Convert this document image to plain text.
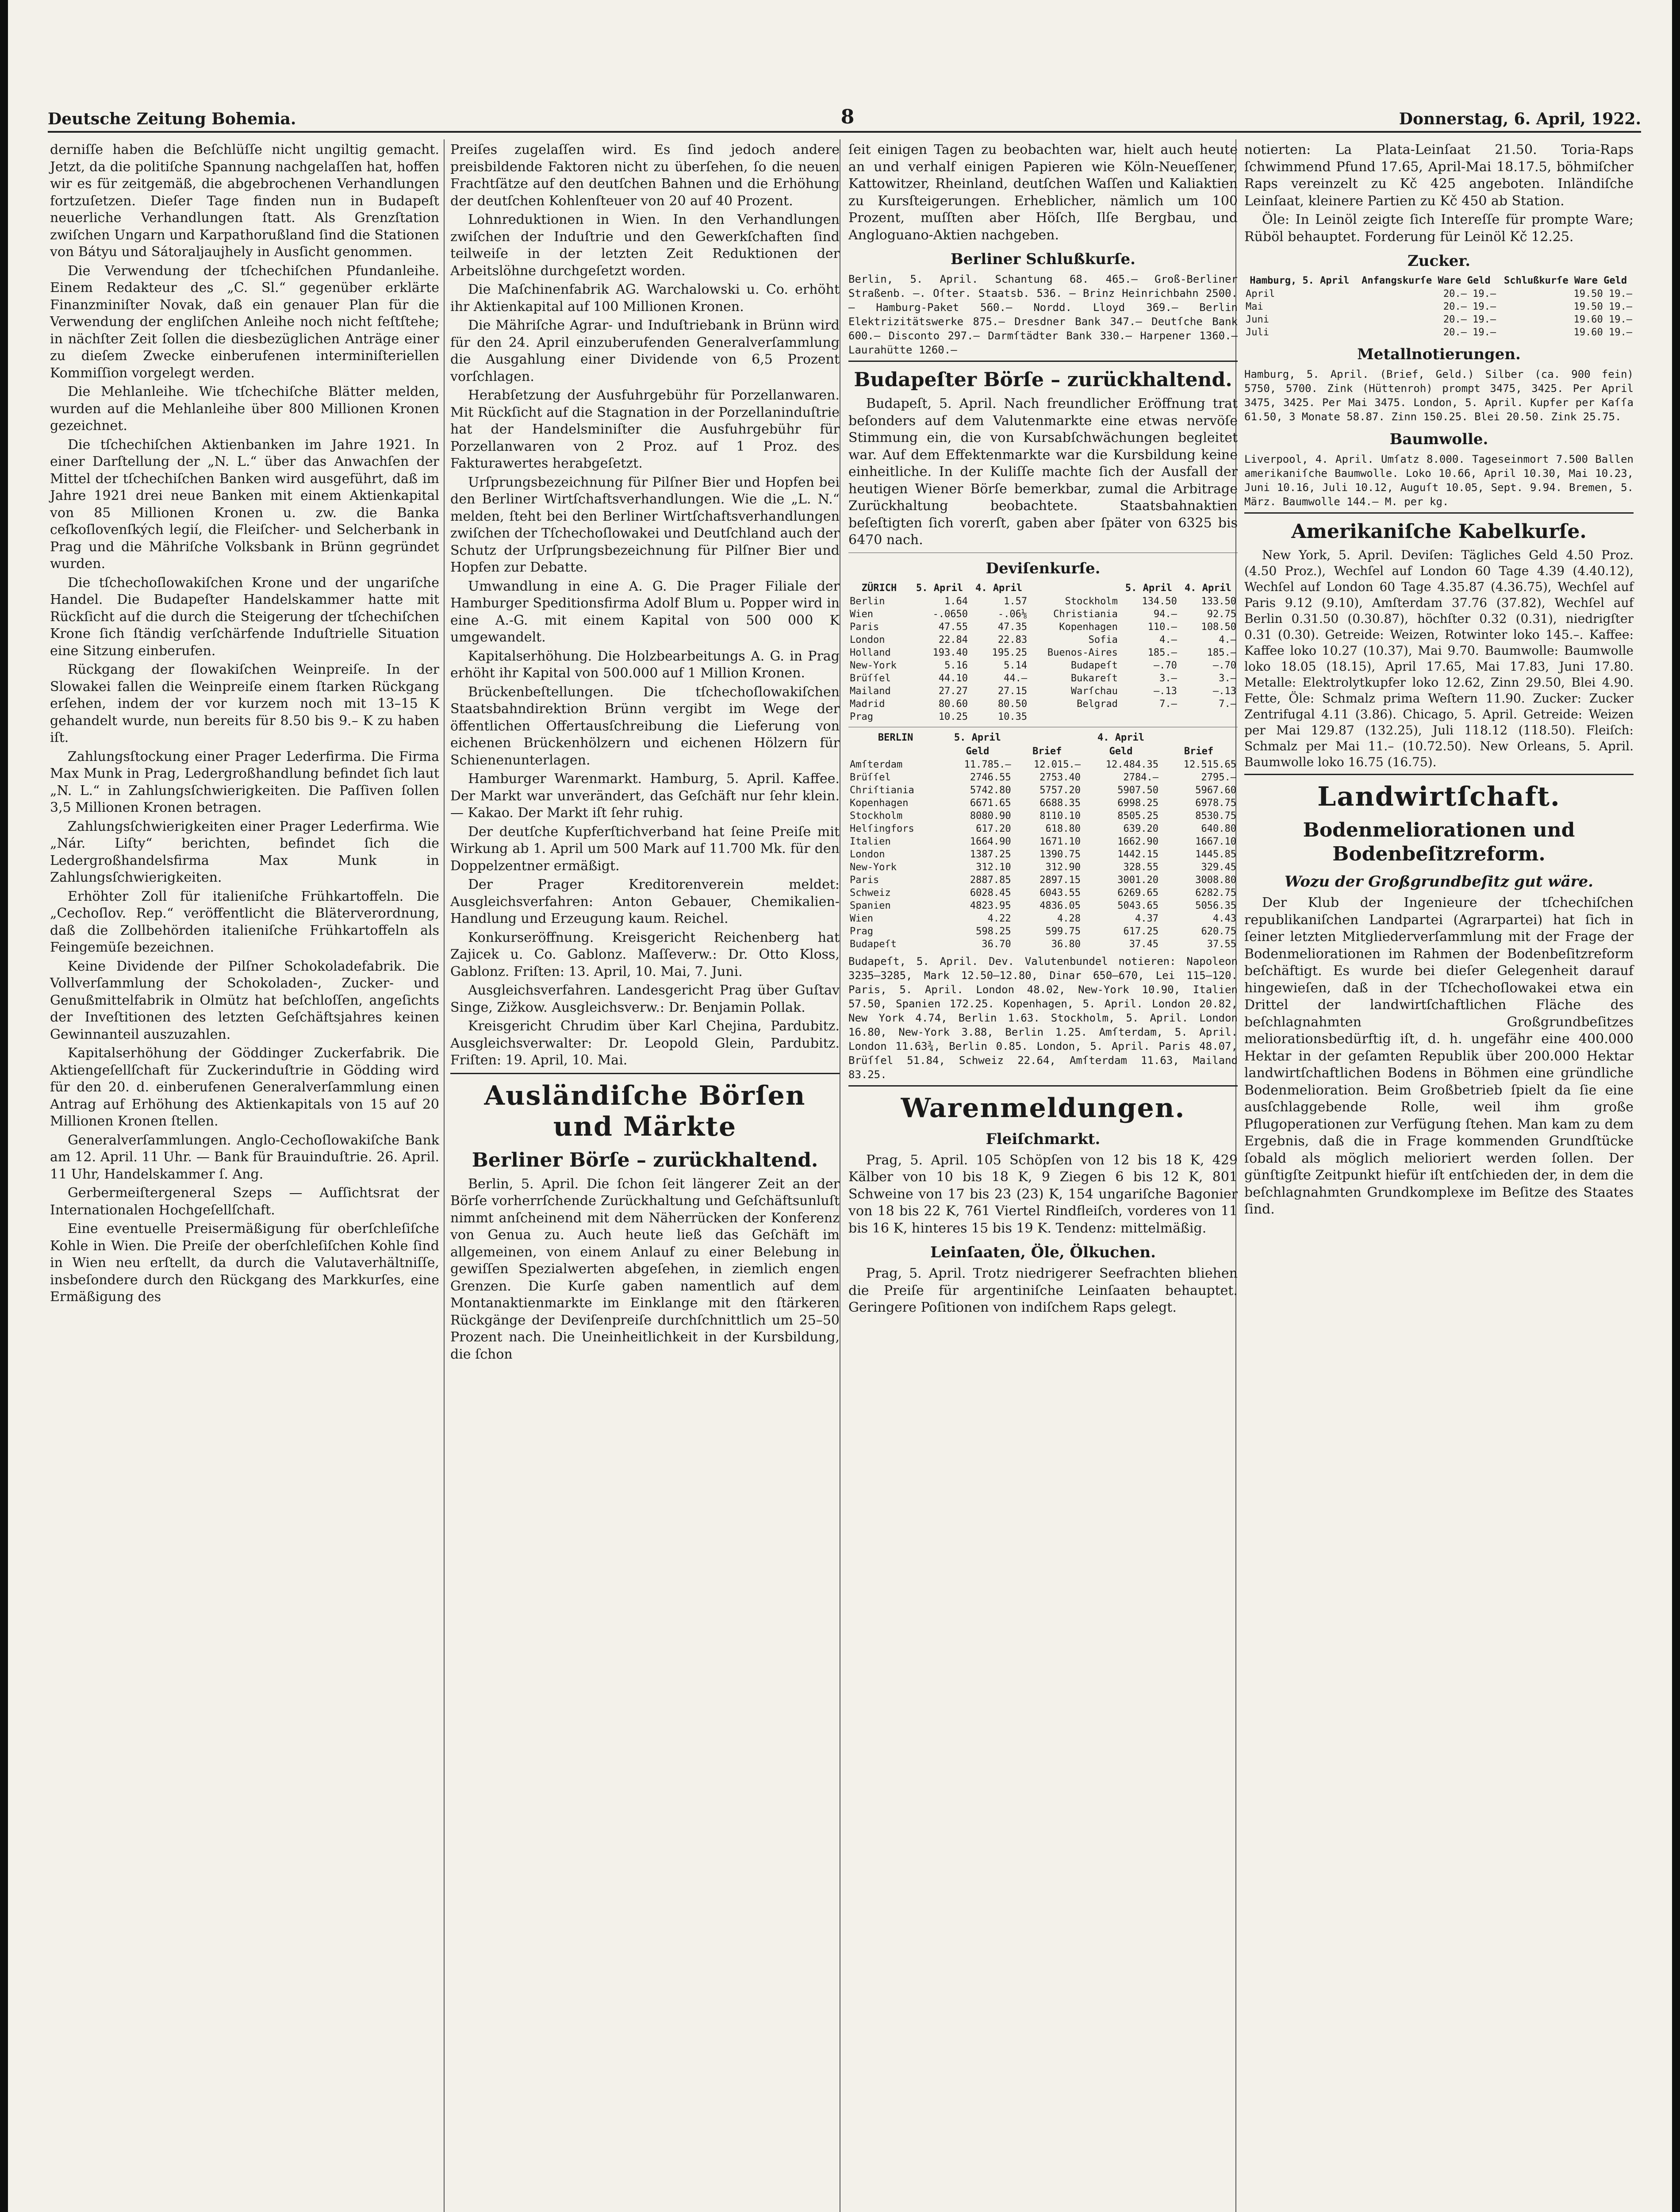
Deutsche Zeitung Bohemia.	8	Donnerstag, 6. April, 1922.

derniſſe haben die Beſchlüſſe nicht ungiltig gemacht. Jetzt, da die politiſche Spannung nachgelaſſen hat, hoffen wir es für zeitgemäß, die abgebrochenen Verhandlungen fortzuſetzen. Dieſer Tage finden nun in Budapeſt neuerliche Verhandlungen ſtatt. Als Grenzſtation zwiſchen Ungarn und Karpathorußland ſind die Stationen von Bátyu und Sátoraljaujhely in Ausſicht genommen.

Die Verwendung der tſchechiſchen Pfundanleihe. Einem Redakteur des „C. Sl.“ gegenüber erklärte Finanzminiſter Novak, daß ein genauer Plan für die Verwendung der engliſchen Anleihe noch nicht feſtſtehe; in nächſter Zeit ſollen die diesbezüglichen Anträge einer zu dieſem Zwecke einberufenen interminiſteriellen Kommiſſion vorgelegt werden.

Die Mehlanleihe. Wie tſchechiſche Blätter melden, wurden auf die Mehlanleihe über 800 Millionen Kronen gezeichnet.

Die tſchechiſchen Aktienbanken im Jahre 1921. In einer Darſtellung der „N. L.“ über das Anwachſen der Mittel der tſchechiſchen Banken wird ausgeführt, daß im Jahre 1921 drei neue Banken mit einem Aktienkapital von 85 Millionen Kronen u. zw. die Banka ceſkoſlovenſkých legií, die Fleiſcher- und Selcherbank in Prag und die Mähriſche Volksbank in Brünn gegründet wurden.

Die tſchechoſlowakiſchen Krone und der ungariſche Handel. Die Budapeſter Handelskammer hatte mit Rückſicht auf die durch die Steigerung der tſchechiſchen Krone ſich ſtändig verſchärfende Induſtrielle Situation eine Sitzung einberufen.

Rückgang der ſlowakiſchen Weinpreiſe. In der Slowakei fallen die Weinpreiſe einem ſtarken Rückgang erſehen, indem der vor kurzem noch mit 13–15 K gehandelt wurde, nun bereits für 8.50 bis 9.– K zu haben iſt.

Zahlungsſtockung einer Prager Lederfirma. Die Firma Max Munk in Prag, Ledergroßhandlung befindet ſich laut „N. L.“ in Zahlungsſchwierigkeiten. Die Paſſiven ſollen 3,5 Millionen Kronen betragen.

Zahlungsſchwierigkeiten einer Prager Lederfirma. Wie „Nár. Liſty“ berichten, befindet ſich die Ledergroßhandelsfirma Max Munk in Zahlungsſchwierigkeiten.

Erhöhter Zoll für italieniſche Frühkartoffeln. Die „Cechoſlov. Rep.“ veröffentlicht die Bläterverordnung, daß die Zollbehörden italieniſche Frühkartoffeln als Feingemüſe bezeichnen.

Keine Dividende der Pilſner Schokoladefabrik. Die Vollverſammlung der Schokoladen-, Zucker- und Genußmittelfabrik in Olmütz hat beſchloſſen, angeſichts der Inveſtitionen des letzten Geſchäftsjahres keinen Gewinnanteil auszuzahlen.

Kapitalserhöhung der Göddinger Zuckerfabrik. Die Aktiengeſellſchaft für Zuckerinduſtrie in Gödding wird für den 20. d. einberufenen Generalverſammlung einen Antrag auf Erhöhung des Aktienkapitals von 15 auf 20 Millionen Kronen ſtellen.

Generalverſammlungen. Anglo-Cechoſlowakiſche Bank am 12. April. 11 Uhr. — Bank für Brauinduſtrie. 26. April. 11 Uhr, Handelskammer ſ. Ang.

Gerbermeiſtergeneral Szeps — Aufſichtsrat der Internationalen Hochgeſellſchaft.

Eine eventuelle Preisermäßigung für oberſchleſiſche Kohle in Wien. Die Preiſe der oberſchleſiſchen Kohle ſind in Wien neu erſtellt, da durch die Valutaverhältniſſe, insbeſondere durch den Rückgang des Markkurſes, eine Ermäßigung des

Preiſes zugelaſſen wird. Es ſind jedoch andere preisbildende Faktoren nicht zu überſehen, ſo die neuen Frachtſätze auf den deutſchen Bahnen und die Erhöhung der deutſchen Kohlenſteuer von 20 auf 40 Prozent.

Lohnreduktionen in Wien. In den Verhandlungen zwiſchen der Induſtrie und den Gewerkſchaften ſind teilweiſe in der letzten Zeit Reduktionen der Arbeitslöhne durchgeſetzt worden.

Die Maſchinenfabrik AG. Warchalowski u. Co. erhöht ihr Aktienkapital auf 100 Millionen Kronen.

Die Mähriſche Agrar- und Induſtriebank in Brünn wird für den 24. April einzuberufenden Generalverſammlung die Ausgahlung einer Dividende von 6,5 Prozent vorſchlagen.

Herabſetzung der Ausfuhrgebühr für Porzellanwaren. Mit Rückſicht auf die Stagnation in der Porzellaninduſtrie hat der Handelsminiſter die Ausfuhrgebühr für Porzellanwaren von 2 Proz. auf 1 Proz. des Fakturawertes herabgeſetzt.

Urſprungsbezeichnung für Pilſner Bier und Hopfen bei den Berliner Wirtſchaftsverhandlungen. Wie die „L. N.“ melden, ſteht bei den Berliner Wirtſchaftsverhandlungen zwiſchen der Tſchechoſlowakei und Deutſchland auch der Schutz der Urſprungsbezeichnung für Pilſner Bier und Hopfen zur Debatte.

Umwandlung in eine A. G. Die Prager Filiale der Hamburger Speditionsfirma Adolf Blum u. Popper wird in eine A.-G. mit einem Kapital von 500 000 K umgewandelt.

Kapitalserhöhung. Die Holzbearbeitungs A. G. in Prag erhöht ihr Kapital von 500.000 auf 1 Million Kronen.

Brückenbeſtellungen. Die tſchechoſlowakiſchen Staatsbahndirektion Brünn vergibt im Wege der öffentlichen Offertausſchreibung die Lieferung von eichenen Brückenhölzern und eichenen Hölzern für Schienenunterlagen.

Hamburger Warenmarkt. Hamburg, 5. April. Kaffee. Der Markt war unverändert, das Geſchäft nur ſehr klein. — Kakao. Der Markt iſt ſehr ruhig.

Der deutſche Kupferſtichverband hat ſeine Preiſe mit Wirkung ab 1. April um 500 Mark auf 11.700 Mk. für den Doppelzentner ermäßigt.

Der Prager Kreditorenverein meldet: Ausgleichsverfahren: Anton Gebauer, Chemikalien-Handlung und Erzeugung kaum. Reichel.

Konkurseröffnung. Kreisgericht Reichenberg hat Zajicek u. Co. Gablonz. Maſſeverw.: Dr. Otto Kloss, Gablonz. Friſten: 13. April, 10. Mai, 7. Juni.

Ausgleichsverfahren. Landesgericht Prag über Guſtav Singe, Zižkow. Ausgleichsverw.: Dr. Benjamin Pollak.

Kreisgericht Chrudim über Karl Chejina, Pardubitz. Ausgleichsverwalter: Dr. Leopold Glein, Pardubitz. Friſten: 19. April, 10. Mai.

Ausländiſche Börſen und Märkte
Berliner Börſe – zurückhaltend.

Berlin, 5. April. Die ſchon ſeit längerer Zeit an der Börſe vorherrſchende Zurückhaltung und Geſchäftsunluſt nimmt anſcheinend mit dem Näherrücken der Konferenz von Genua zu. Auch heute ließ das Geſchäft im allgemeinen, von einem Anlauf zu einer Belebung in gewiſſen Spezialwerten abgeſehen, in ziemlich engen Grenzen. Die Kurſe gaben namentlich auf dem Montanaktienmarkte im Einklange mit den ſtärkeren Rückgänge der Deviſenpreiſe durchſchnittlich um 25–50 Prozent nach. Die Uneinheitlichkeit in der Kursbildung, die ſchon

ſeit einigen Tagen zu beobachten war, hielt auch heute an und verhalf einigen Papieren wie Köln-Neueſſener, Kattowitzer, Rheinland, deutſchen Waſſen und Kaliaktien zu Kursſteigerungen. Erheblicher, nämlich um 100 Prozent, muſſten aber Höſch, Ilſe Bergbau, und Angloguano-Aktien nachgeben.

Berliner Schlußkurſe.

Berlin, 5. April. Schantung 68. 465.— Groß-Berliner Straßenb. —. Oſter. Staatsb. 536. — Brinz Heinrichbahn 2500.— Hamburg-Paket 560.— Nordd. Lloyd 369.— Berlin Elektrizitätswerke 875.— Dresdner Bank 347.— Deutſche Bank 600.— Disconto 297.— Darmſtädter Bank 330.— Harpener 1360.— Laurahütte 1260.—

Budapeſter Börſe – zurückhaltend.

Budapeſt, 5. April. Nach freundlicher Eröffnung trat beſonders auf dem Valutenmarkte eine etwas nervöſe Stimmung ein, die von Kursabſchwächungen begleitet war. Auf dem Effektenmarkte war die Kursbildung keine einheitliche. In der Kuliſſe machte ſich der Ausfall der heutigen Wiener Börſe bemerkbar, zumal die Arbitrage Zurückhaltung beobachtete. Staatsbahnaktien beſeſtigten ſich vorerſt, gaben aber ſpäter von 6325 bis 6470 nach.

Deviſenkurſe.
ZÜRICH	5. April	4. April		5. April	4. April
Berlin	1.64	1.57	Stockholm	134.50	133.50
Wien	-.0650	-.06⅛	Christiania	94.–	92.75
Paris	47.55	47.35	Kopenhagen	110.–	108.50
London	22.84	22.83	Sofia	4.–	4.–
Holland	193.40	195.25	Buenos-Aires	185.–	185.–
New-York	5.16	5.14	Budapeſt	–.70	–.70
Brüſſel	44.10	44.–	Bukareſt	3.–	3.–
Mailand	27.27	27.15	Warſchau	–.13	–.13
Madrid	80.60	80.50	Belgrad	7.–	7.–
Prag	10.25	10.35			
BERLIN	5. April		4. April	
	Geld	Brief	Geld	Brief
Amſterdam	11.785.–	12.015.–	12.484.35	12.515.65
Brüſſel	2746.55	2753.40	2784.–	2795.–
Chriſtiania	5742.80	5757.20	5907.50	5967.60
Kopenhagen	6671.65	6688.35	6998.25	6978.75
Stockholm	8080.90	8110.10	8505.25	8530.75
Helſingfors	617.20	618.80	639.20	640.80
Italien	1664.90	1671.10	1662.90	1667.10
London	1387.25	1390.75	1442.15	1445.85
New-York	312.10	312.90	328.55	329.45
Paris	2887.85	2897.15	3001.20	3008.80
Schweiz	6028.45	6043.55	6269.65	6282.75
Spanien	4823.95	4836.05	5043.65	5056.35
Wien	4.22	4.28	4.37	4.43
Prag	598.25	599.75	617.25	620.75
Budapeſt	36.70	36.80	37.45	37.55

Budapeſt, 5. April. Dev. Valutenbundel notieren: Napoleon 3235–3285, Mark 12.50–12.80, Dinar 650–670, Lei 115–120. Paris, 5. April. London 48.02, New-York 10.90, Italien 57.50, Spanien 172.25. Kopenhagen, 5. April. London 20.82, New York 4.74, Berlin 1.63. Stockholm, 5. April. London 16.80, New-York 3.88, Berlin 1.25. Amſterdam, 5. April. London 11.63¾, Berlin 0.85. London, 5. April. Paris 48.07, Brüſſel 51.84, Schweiz 22.64, Amſterdam 11.63, Mailand 83.25.

Warenmeldungen.
Fleiſchmarkt.

Prag, 5. April. 105 Schöpſen von 12 bis 18 K, 429 Kälber von 10 bis 18 K, 9 Ziegen 6 bis 12 K, 801 Schweine von 17 bis 23 (23) K, 154 ungariſche Bagonier von 18 bis 22 K, 761 Viertel Rindfleiſch, vorderes von 11 bis 16 K, hinteres 15 bis 19 K. Tendenz: mittelmäßig.

Leinſaaten, Öle, Ölkuchen.

Prag, 5. April. Trotz niedrigerer Seefrachten bliehen die Preiſe für argentiniſche Leinſaaten behauptet. Geringere Poſitionen von indiſchem Raps gelegt.

notierten: La Plata-Leinſaat 21.50. Toria-Raps ſchwimmend Pfund 17.65, April-Mai 18.17.5, böhmiſcher Raps vereinzelt zu Kč 425 angeboten. Inländiſche Leinſaat, kleinere Partien zu Kč 450 ab Station.

Öle: In Leinöl zeigte ſich Intereſſe für prompte Ware; Rüböl behauptet. Forderung für Leinöl Kč 12.25.

Zucker.
Hamburg, 5. April	Anfangskurſe Ware Geld	Schlußkurſe Ware Geld
April	20.– 19.–	19.50 19.–
Mai	20.– 19.–	19.50 19.–
Juni	20.– 19.–	19.60 19.–
Juli	20.– 19.–	19.60 19.–
Metallnotierungen.

Hamburg, 5. April. (Brief, Geld.) Silber (ca. 900 fein) 5750, 5700. Zink (Hüttenroh) prompt 3475, 3425. Per April 3475, 3425. Per Mai 3475. London, 5. April. Kupfer per Kaſſa 61.50, 3 Monate 58.87. Zinn 150.25. Blei 20.50. Zink 25.75.

Baumwolle.

Liverpool, 4. April. Umſatz 8.000. Tageseinmort 7.500 Ballen amerikaniſche Baumwolle. Loko 10.66, April 10.30, Mai 10.23, Juni 10.16, Juli 10.12, Auguſt 10.05, Sept. 9.94. Bremen, 5. März. Baumwolle 144.– M. per kg.

Amerikaniſche Kabelkurſe.

New York, 5. April. Deviſen: Tägliches Geld 4.50 Proz. (4.50 Proz.), Wechſel auf London 60 Tage 4.39 (4.40.12), Wechſel auf London 60 Tage 4.35.87 (4.36.75), Wechſel auf Paris 9.12 (9.10), Amſterdam 37.76 (37.82), Wechſel auf Berlin 0.31.50 (0.30.87), höchſter 0.32 (0.31), niedrigſter 0.31 (0.30). Getreide: Weizen, Rotwinter loko 145.–. Kaffee: Kaffee loko 10.27 (10.37), Mai 9.70. Baumwolle: Baumwolle loko 18.05 (18.15), April 17.65, Mai 17.83, Juni 17.80. Metalle: Elektrolytkupfer loko 12.62, Zinn 29.50, Blei 4.90. Fette, Öle: Schmalz prima Weſtern 11.90. Zucker: Zucker Zentrifugal 4.11 (3.86). Chicago, 5. April. Getreide: Weizen per Mai 129.87 (132.25), Juli 118.12 (118.50). Fleiſch: Schmalz per Mai 11.– (10.72.50). New Orleans, 5. April. Baumwolle loko 16.75 (16.75).

Landwirtſchaft.
Bodenmeliorationen und Bodenbeſitzreform.
Wozu der Großgrundbeſitz gut wäre.

Der Klub der Ingenieure der tſchechiſchen republikaniſchen Landpartei (Agrarpartei) hat ſich in ſeiner letzten Mitgliederverſammlung mit der Frage der Bodenmeliorationen im Rahmen der Bodenbeſitzreform beſchäftigt. Es wurde bei dieſer Gelegenheit darauf hingewieſen, daß in der Tſchechoſlowakei etwa ein Drittel der landwirtſchaftlichen Fläche des beſchlagnahmten Großgrundbeſitzes meliorationsbedürftig iſt, d. h. ungefähr eine 400.000 Hektar in der geſamten Republik über 200.000 Hektar landwirtſchaftlichen Bodens in Böhmen eine gründliche Bodenmelioration. Beim Großbetrieb ſpielt da ſie eine ausſchlaggebende Rolle, weil ihm große Pflugoperationen zur Verfügung ſtehen. Man kam zu dem Ergebnis, daß die in Frage kommenden Grundſtücke ſobald als möglich melioriert werden ſollen. Der günſtigſte Zeitpunkt hiefür iſt entſchieden der, in dem die beſchlagnahmten Grundkomplexe im Beſitze des Staates ſind.
